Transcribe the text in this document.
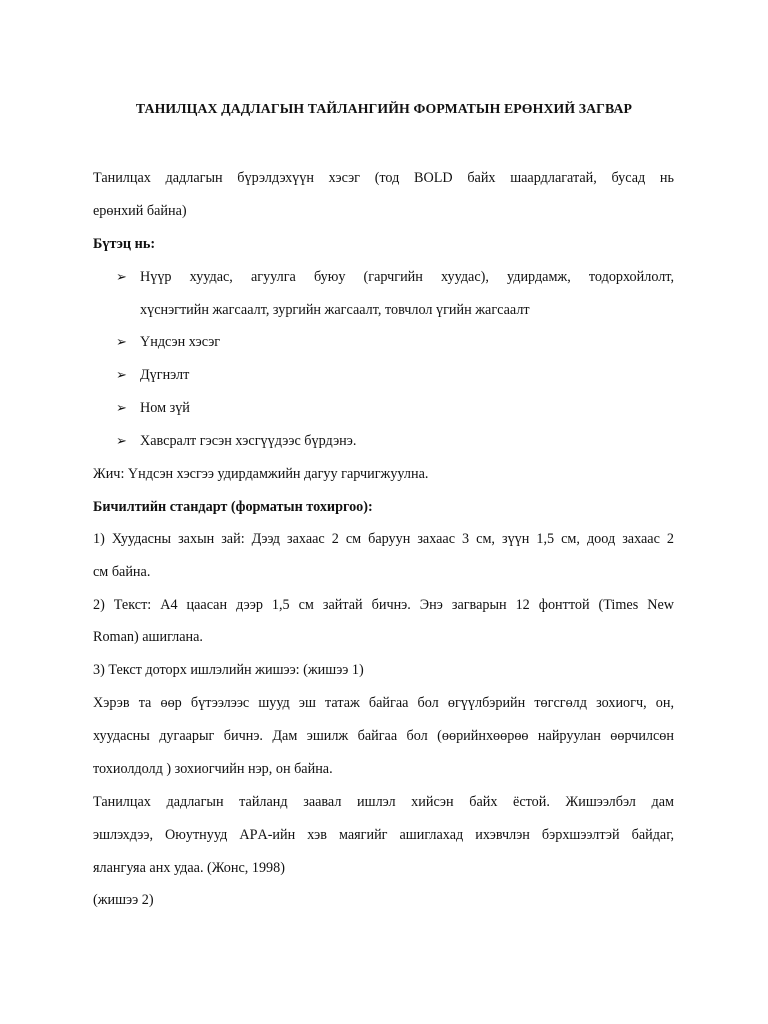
ТАНИЛЦАХ ДАДЛАГЫН ТАЙЛАНГИЙН ФОРМАТЫН ЕРӨНХИЙ ЗАГВАР
Танилцах дадлагын бүрэлдэхүүн хэсэг (тод BOLD байх шаардлагатай, бусад нь
ерөнхий байна)
Бүтэц нь:
➢ Нүүр хуудас, агуулга буюу (гарчгийн хуудас), удирдамж, тодорхойлолт,
хүснэгтийн жагсаалт, зургийн жагсаалт, товчлол үгийн жагсаалт
➢ Үндсэн хэсэг
➢ Дүгнэлт
➢ Ном зүй
➢ Хавсралт гэсэн хэсгүүдээс бүрдэнэ.
Жич: Үндсэн хэсгээ удирдамжийн дагуу гарчигжуулна.
Бичилтийн стандарт (форматын тохиргоо):
1) Хуудасны захын зай: Дээд захаас 2 см баруун захаас 3 см, зүүн 1,5 см, доод захаас 2
см байна.
2) Текст: А4 цаасан дээр 1,5 см зайтай бичнэ. Энэ загварын 12 фонттой (Times New
Roman) ашиглана.
3) Текст доторх ишлэлийн жишээ: (жишээ 1)
Хэрэв та өөр бүтээлээс шууд эш татаж байгаа бол өгүүлбэрийн төгсгөлд зохиогч, он,
хуудасны дугаарыг бичнэ. Дам эшилж байгаа бол (өөрийнхөөрөө найруулан өөрчилсөн
тохиолдолд ) зохиогчийн нэр, он байна.
Танилцах дадлагын тайланд заавал ишлэл хийсэн байх ёстой. Жишээлбэл дам
эшлэхдээ, Оюутнууд АPА-ийн хэв маягийг ашиглахад ихэвчлэн бэрхшээлтэй байдаг,
ялангуяа анх удаа. (Жонс, 1998)
(жишээ 2)
